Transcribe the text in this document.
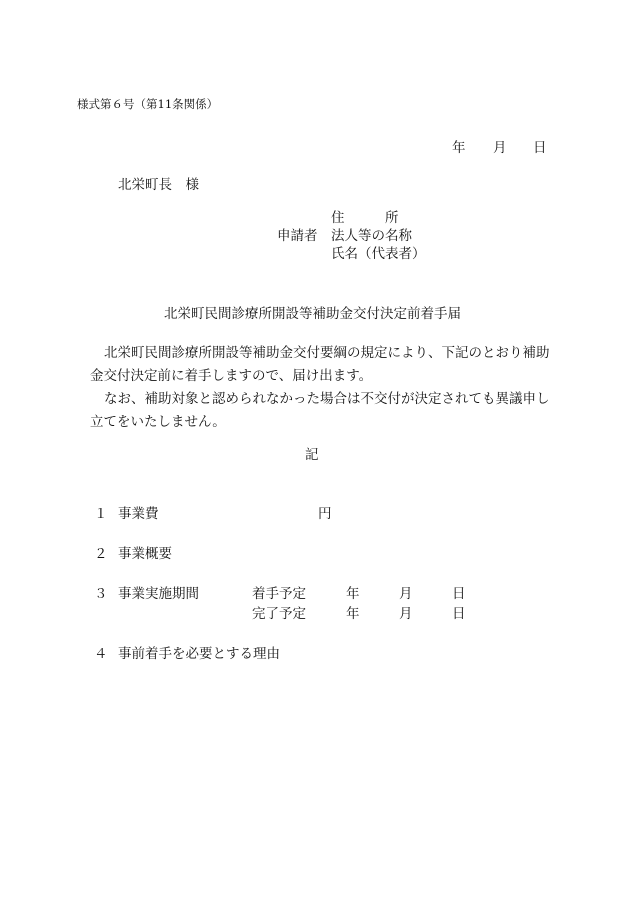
様式第６号（第11条関係）
年 月 日
北栄町長　様
住　　　所
申請者 法人等の名称
氏名（代表者）
北栄町民間診療所開設等補助金交付決定前着手届

北栄町民間診療所開設等補助金交付要綱の規定により、下記のとおり補助金交付決定前に着手しますので、届け出ます。

なお、補助対象と認められなかった場合は不交付が決定されても異議申し立てをいたしません。

記
１ 事業費	円
２ 事業概要
３ 事業実施期間	着手予定	年	月	日
完了予定	年	月	日
４ 事前着手を必要とする理由
